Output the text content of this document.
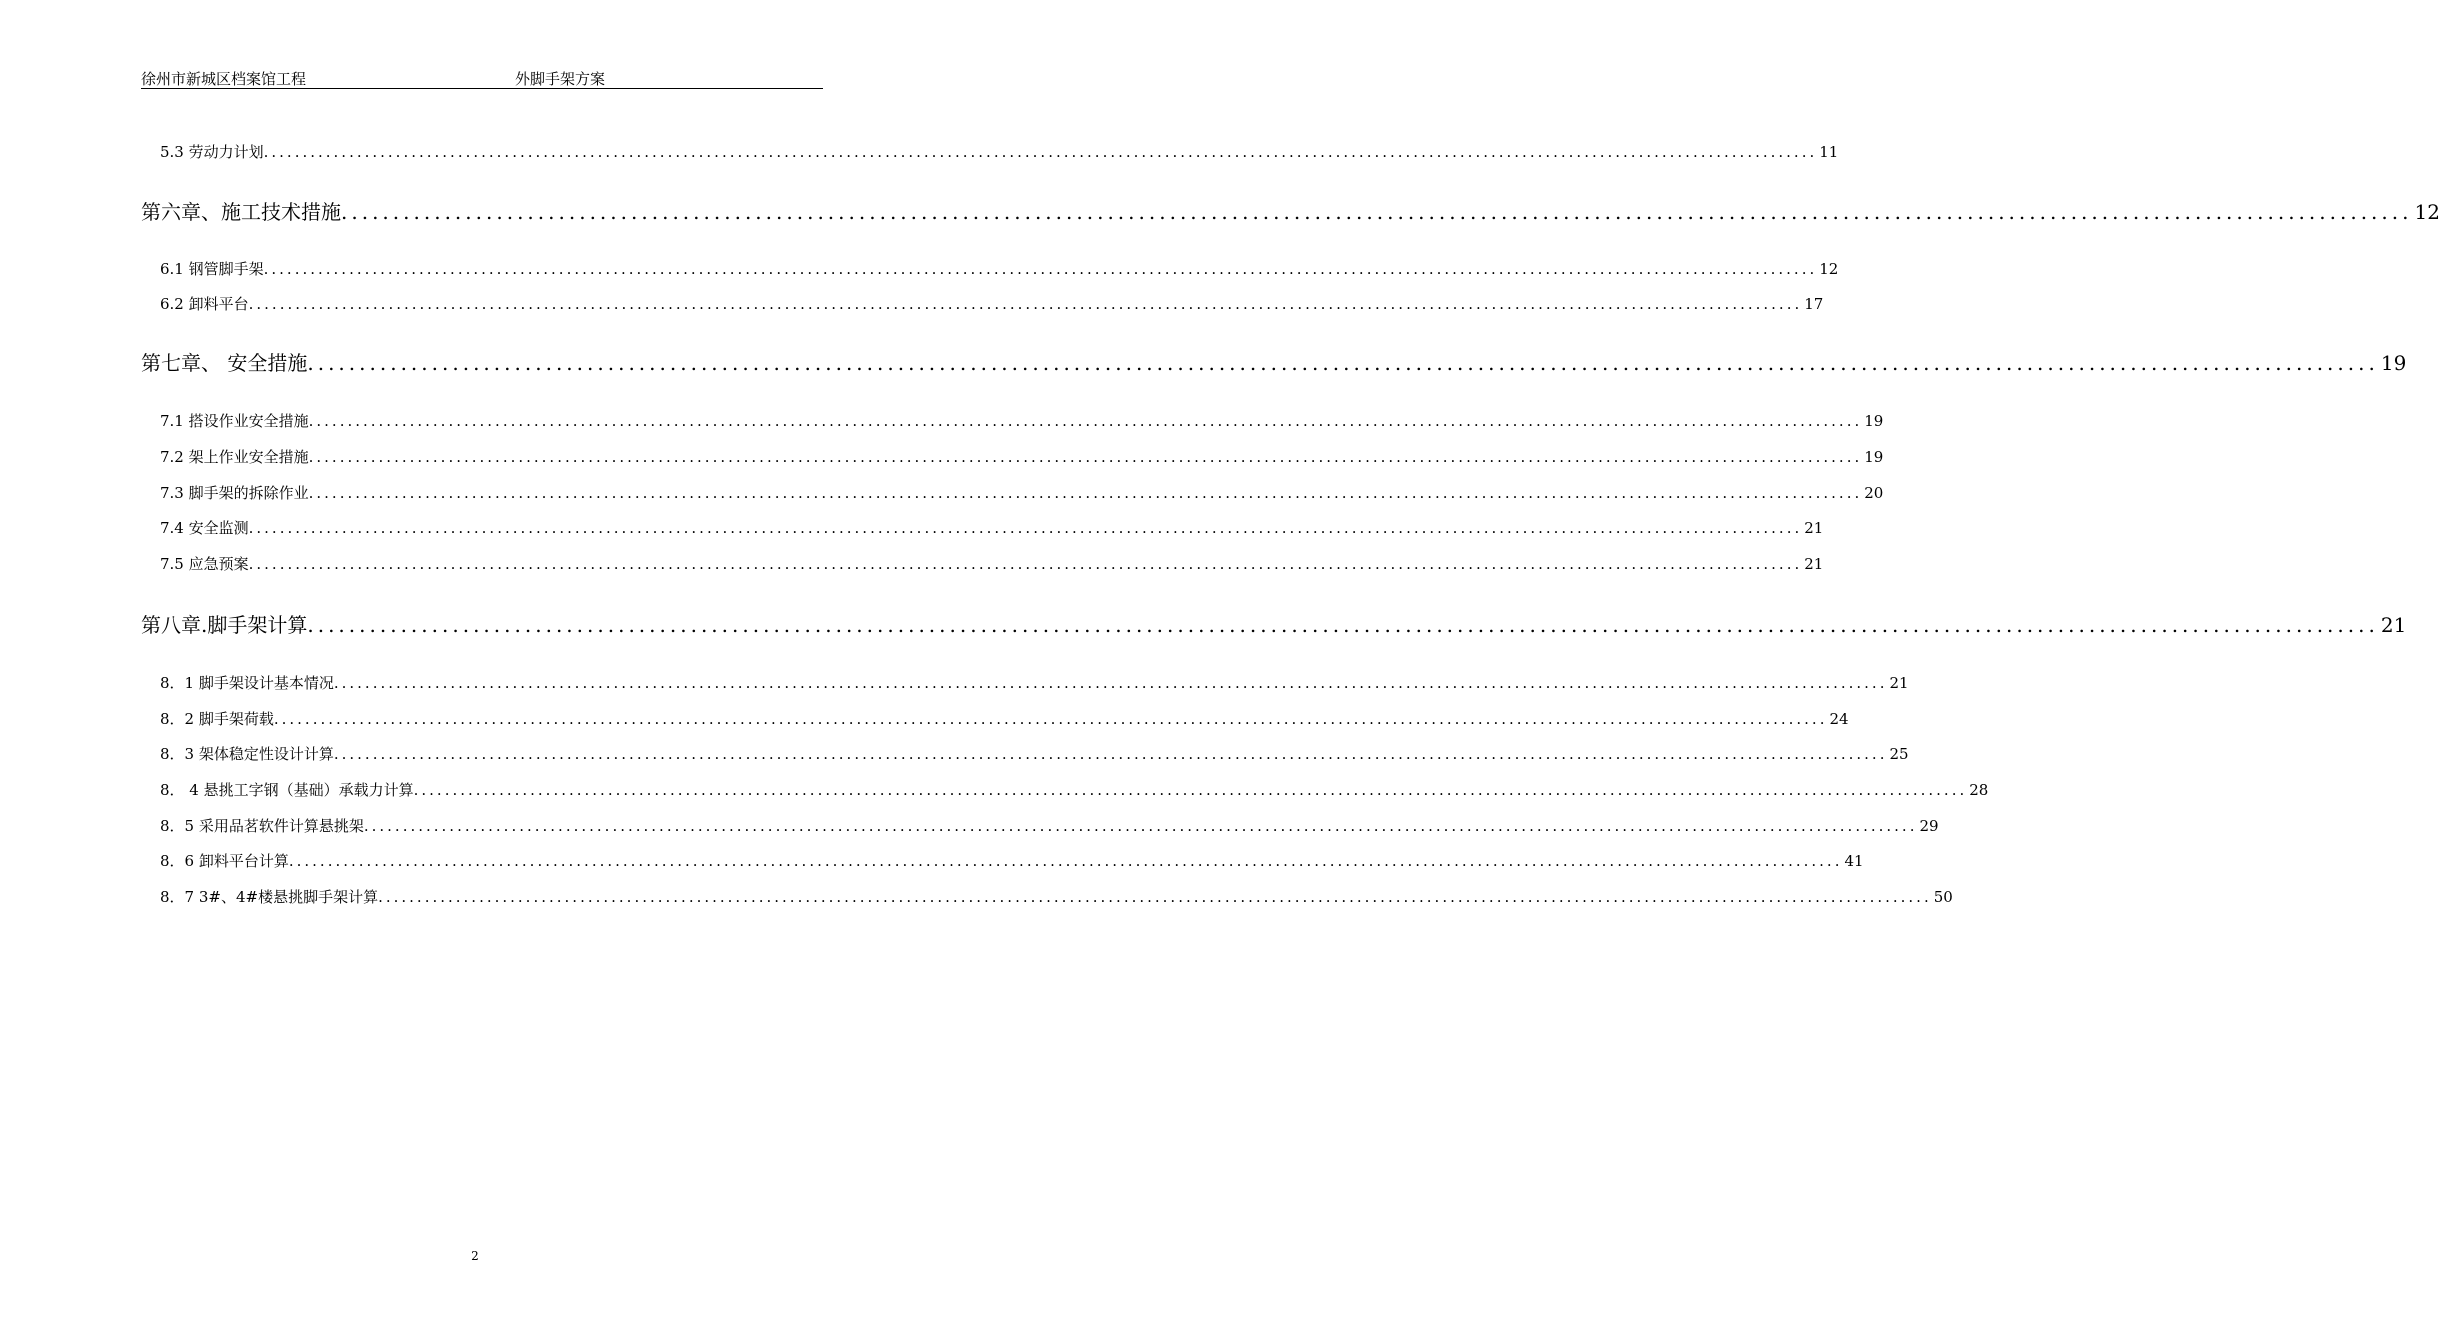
徐州市新城区档案馆工程	外脚手架方案
5.3 劳动力计划 ........................................................................................................................................................................................................ 11
第六章、施工技术措施 ........................................................................................................................................................................................................ 12
6.1 钢管脚手架 ........................................................................................................................................................................................................ 12
6.2 卸料平台 ........................................................................................................................................................................................................ 17
第七章、 安全措施 ........................................................................................................................................................................................................ 19
7.1 搭设作业安全措施 ........................................................................................................................................................................................................ 19
7.2 架上作业安全措施 ........................................................................................................................................................................................................ 19
7.3 脚手架的拆除作业 ........................................................................................................................................................................................................ 20
7.4 安全监测 ........................................................................................................................................................................................................ 21
7.5 应急预案 ........................................................................................................................................................................................................ 21
第八章.脚手架计算 ........................................................................................................................................................................................................ 21
8．1 脚手架设计基本情况 ........................................................................................................................................................................................................ 21
8．2 脚手架荷载 ........................................................................................................................................................................................................ 24
8．3 架体稳定性设计计算 ........................................................................................................................................................................................................ 25
8． 4 悬挑工字钢（基础）承载力计算 ........................................................................................................................................................................................................ 28
8．5 采用品茗软件计算悬挑架 ........................................................................................................................................................................................................ 29
8．6 卸料平台计算 ........................................................................................................................................................................................................ 41
8．7 3#、4#楼悬挑脚手架计算 ........................................................................................................................................................................................................ 50
2
